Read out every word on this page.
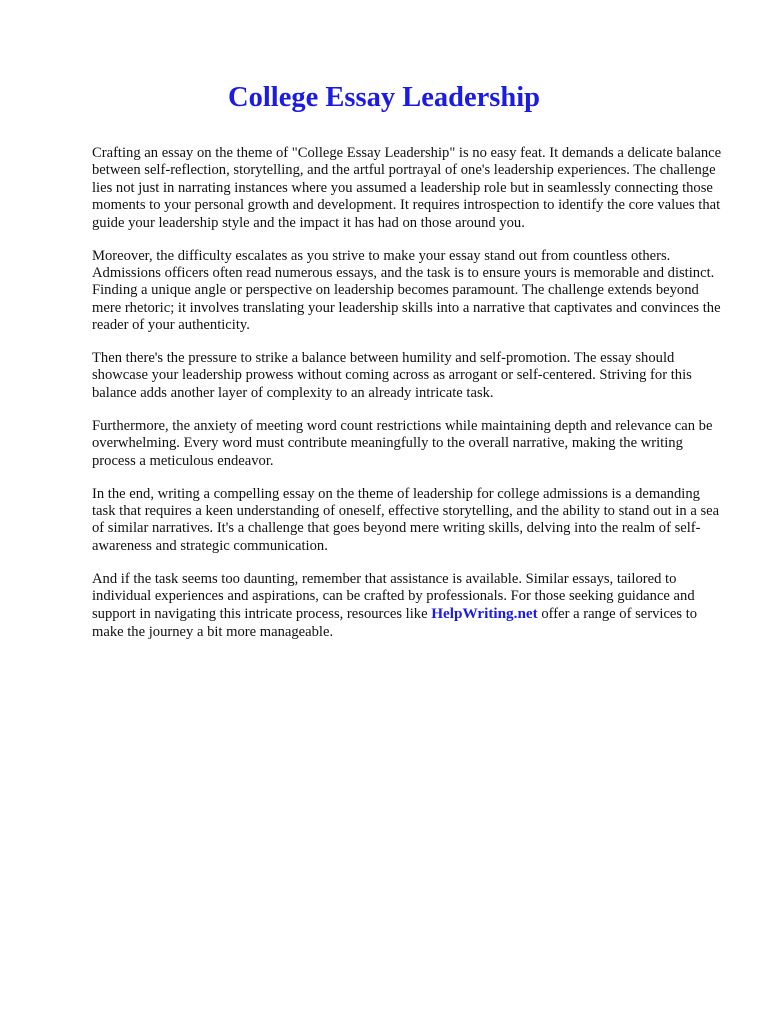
College Essay Leadership

Crafting an essay on the theme of "College Essay Leadership" is no easy feat. It demands a delicate balance between self-reflection, storytelling, and the artful portrayal of one's leadership experiences. The challenge lies not just in narrating instances where you assumed a leadership role but in seamlessly connecting those moments to your personal growth and development. It requires introspection to identify the core values that guide your leadership style and the impact it has had on those around you.

Moreover, the difficulty escalates as you strive to make your essay stand out from countless others. Admissions officers often read numerous essays, and the task is to ensure yours is memorable and distinct. Finding a unique angle or perspective on leadership becomes paramount. The challenge extends beyond mere rhetoric; it involves translating your leadership skills into a narrative that captivates and convinces the reader of your authenticity.

Then there's the pressure to strike a balance between humility and self-promotion. The essay should showcase your leadership prowess without coming across as arrogant or self-centered. Striving for this balance adds another layer of complexity to an already intricate task.

Furthermore, the anxiety of meeting word count restrictions while maintaining depth and relevance can be overwhelming. Every word must contribute meaningfully to the overall narrative, making the writing process a meticulous endeavor.

In the end, writing a compelling essay on the theme of leadership for college admissions is a demanding task that requires a keen understanding of oneself, effective storytelling, and the ability to stand out in a sea of similar narratives. It's a challenge that goes beyond mere writing skills, delving into the realm of self-awareness and strategic communication.

And if the task seems too daunting, remember that assistance is available. Similar essays, tailored to individual experiences and aspirations, can be crafted by professionals. For those seeking guidance and support in navigating this intricate process, resources like HelpWriting.net offer a range of services to make the journey a bit more manageable.
